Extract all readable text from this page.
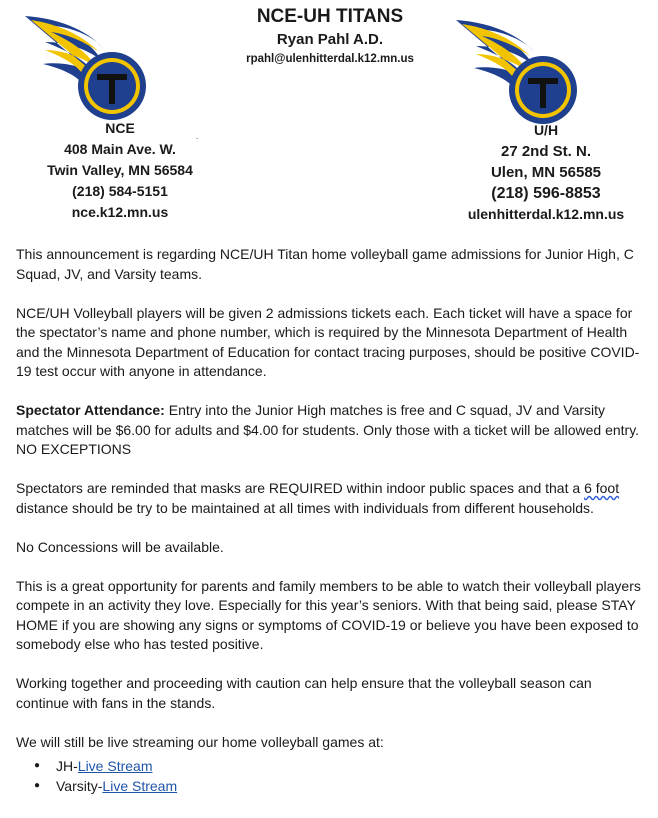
NCE-UH TITANS
Ryan Pahl A.D.
rpahl@ulenhitterdal.k12.mn.us
NCE
408 Main Ave. W.
Twin Valley, MN 56584
(218) 584-5151
nce.k12.mn.us
.	U/H
27 2nd St. N.
Ulen, MN 56585
(218) 596-8853
ulenhitterdal.k12.mn.us

This announcement is regarding NCE/UH Titan home volleyball game admissions for Junior High, C Squad, JV, and Varsity teams.

NCE/UH Volleyball players will be given 2 admissions tickets each. Each ticket will have a space for the spectator’s name and phone number, which is required by the Minnesota Department of Health and the Minnesota Department of Education for contact tracing purposes, should be positive COVID-19 test occur with anyone in attendance.

Spectator Attendance: Entry into the Junior High matches is free and C squad, JV and Varsity matches will be $6.00 for adults and $4.00 for students. Only those with a ticket will be allowed entry. NO EXCEPTIONS

Spectators are reminded that masks are REQUIRED within indoor public spaces and that a 6 foot distance should be try to be maintained at all times with individuals from different households.

No Concessions will be available.

This is a great opportunity for parents and family members to be able to watch their volleyball players compete in an activity they love. Especially for this year’s seniors. With that being said, please STAY HOME if you are showing any signs or symptoms of COVID-19 or believe you have been exposed to somebody else who has tested positive.

Working together and proceeding with caution can help ensure that the volleyball season can continue with fans in the stands.

We will still be live streaming our home volleyball games at:

● JH-Live Stream
● Varsity-Live Stream
